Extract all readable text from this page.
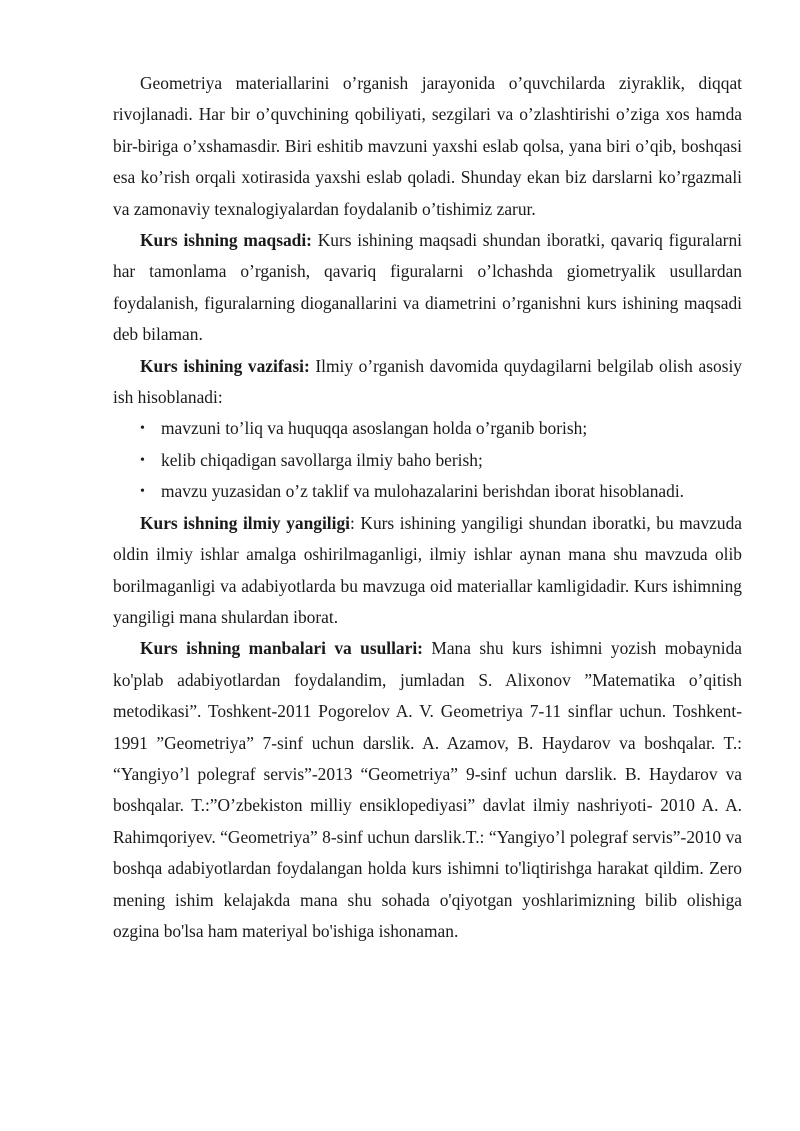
Geometriya materiallarini o’rganish jarayonida o’quvchilarda ziyraklik, diqqat rivojlanadi. Har bir o’quvchining qobiliyati, sezgilari va o’zlashtirishi o’ziga xos hamda bir-biriga o’xshamasdir. Biri eshitib mavzuni yaxshi eslab qolsa, yana biri o’qib, boshqasi esa ko’rish orqali xotirasida yaxshi eslab qoladi. Shunday ekan biz darslarni ko’rgazmali va zamonaviy texnalogiyalardan foydalanib o’tishimiz zarur.

Kurs ishning maqsadi: Kurs ishining maqsadi shundan iboratki, qavariq figuralarni har tamonlama o’rganish, qavariq figuralarni o’lchashda giometryalik usullardan foydalanish, figuralarning dioganallarini va diametrini o’rganishni kurs ishining maqsadi deb bilaman.

Kurs ishining vazifasi: Ilmiy o’rganish davomida quydagilarni belgilab olish asosiy ish hisoblanadi:

• mavzuni to’liq va huquqqa asoslangan holda o’rganib borish;
• kelib chiqadigan savollarga ilmiy baho berish;
• mavzu yuzasidan o’z taklif va mulohazalarini berishdan iborat hisoblanadi.

Kurs ishning ilmiy yangiligi: Kurs ishining yangiligi shundan iboratki, bu mavzuda oldin ilmiy ishlar amalga oshirilmaganligi, ilmiy ishlar aynan mana shu mavzuda olib borilmaganligi va adabiyotlarda bu mavzuga oid materiallar kamligidadir. Kurs ishimning yangiligi mana shulardan iborat.

Kurs ishning manbalari va usullari: Mana shu kurs ishimni yozish mobaynida ko'plab adabiyotlardan foydalandim, jumladan S. Alixonov ”Matematika o’qitish metodikasi”. Toshkent-2011 Pogorelov A. V. Geometriya 7-11 sinflar uchun. Toshkent-1991 ”Geometriya” 7-sinf uchun darslik. A. Azamov, B. Haydarov va boshqalar. T.: “Yangiyo’l polegraf servis”-2013 “Geometriya” 9-sinf uchun darslik. B. Haydarov va boshqalar. T.:”O’zbekiston milliy ensiklopediyasi” davlat ilmiy nashriyoti- 2010 A. A. Rahimqoriyev. “Geometriya” 8-sinf uchun darslik.T.: “Yangiyo’l polegraf servis”-2010 va boshqa adabiyotlardan foydalangan holda kurs ishimni to'liqtirishga harakat qildim. Zero mening ishim kelajakda mana shu sohada o'qiyotgan yoshlarimizning bilib olishiga ozgina bo'lsa ham materiyal bo'ishiga ishonaman.
